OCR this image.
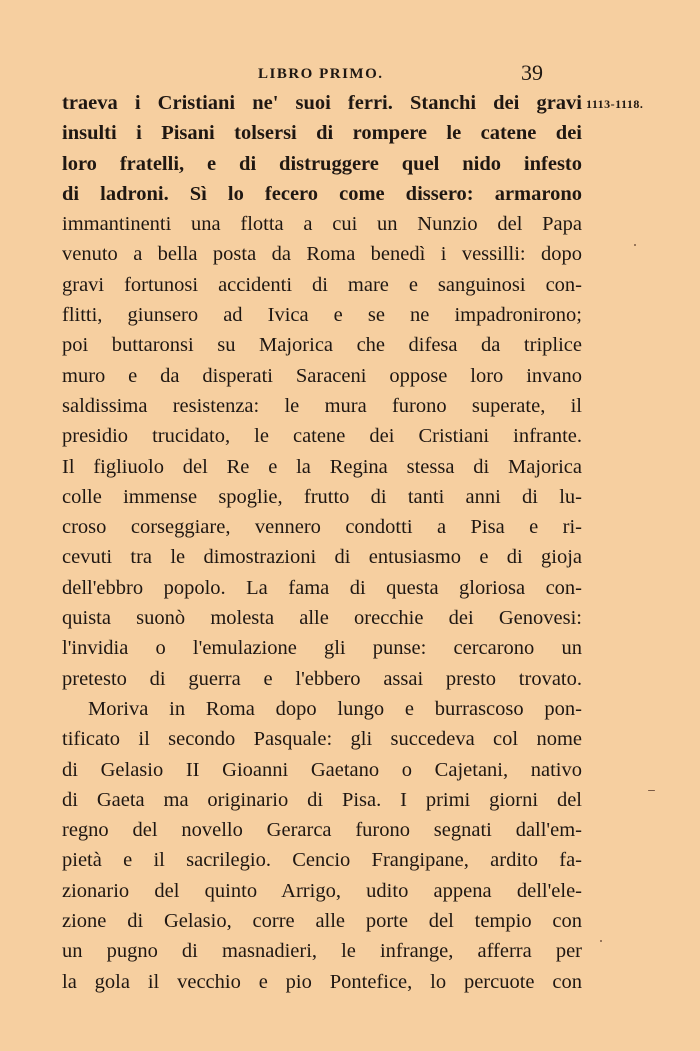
LIBRO PRIMO.	39
1113-1118.
traeva i Cristiani ne' suoi ferri. Stanchi dei gravi
insulti i Pisani tolsersi di rompere le catene dei
loro fratelli, e di distruggere quel nido infesto
di ladroni. Sì lo fecero come dissero: armarono
immantinenti una flotta a cui un Nunzio del Papa
venuto a bella posta da Roma benedì i vessilli: dopo
gravi fortunosi accidenti di mare e sanguinosi con-
flitti, giunsero ad Ivica e se ne impadronirono;
poi buttaronsi su Majorica che difesa da triplice
muro e da disperati Saraceni oppose loro invano
saldissima resistenza: le mura furono superate, il
presidio trucidato, le catene dei Cristiani infrante.
Il figliuolo del Re e la Regina stessa di Majorica
colle immense spoglie, frutto di tanti anni di lu-
croso corseggiare, vennero condotti a Pisa e ri-
cevuti tra le dimostrazioni di entusiasmo e di gioja
dell'ebbro popolo. La fama di questa gloriosa con-
quista suonò molesta alle orecchie dei Genovesi:
l'invidia o l'emulazione gli punse: cercarono un
pretesto di guerra e l'ebbero assai presto trovato.
Moriva in Roma dopo lungo e burrascoso pon-
tificato il secondo Pasquale: gli succedeva col nome
di Gelasio II Gioanni Gaetano o Cajetani, nativo
di Gaeta ma originario di Pisa. I primi giorni del
regno del novello Gerarca furono segnati dall'em-
pietà e il sacrilegio. Cencio Frangipane, ardito fa-
zionario del quinto Arrigo, udito appena dell'ele-
zione di Gelasio, corre alle porte del tempio con
un pugno di masnadieri, le infrange, afferra per
la gola il vecchio e pio Pontefice, lo percuote con
